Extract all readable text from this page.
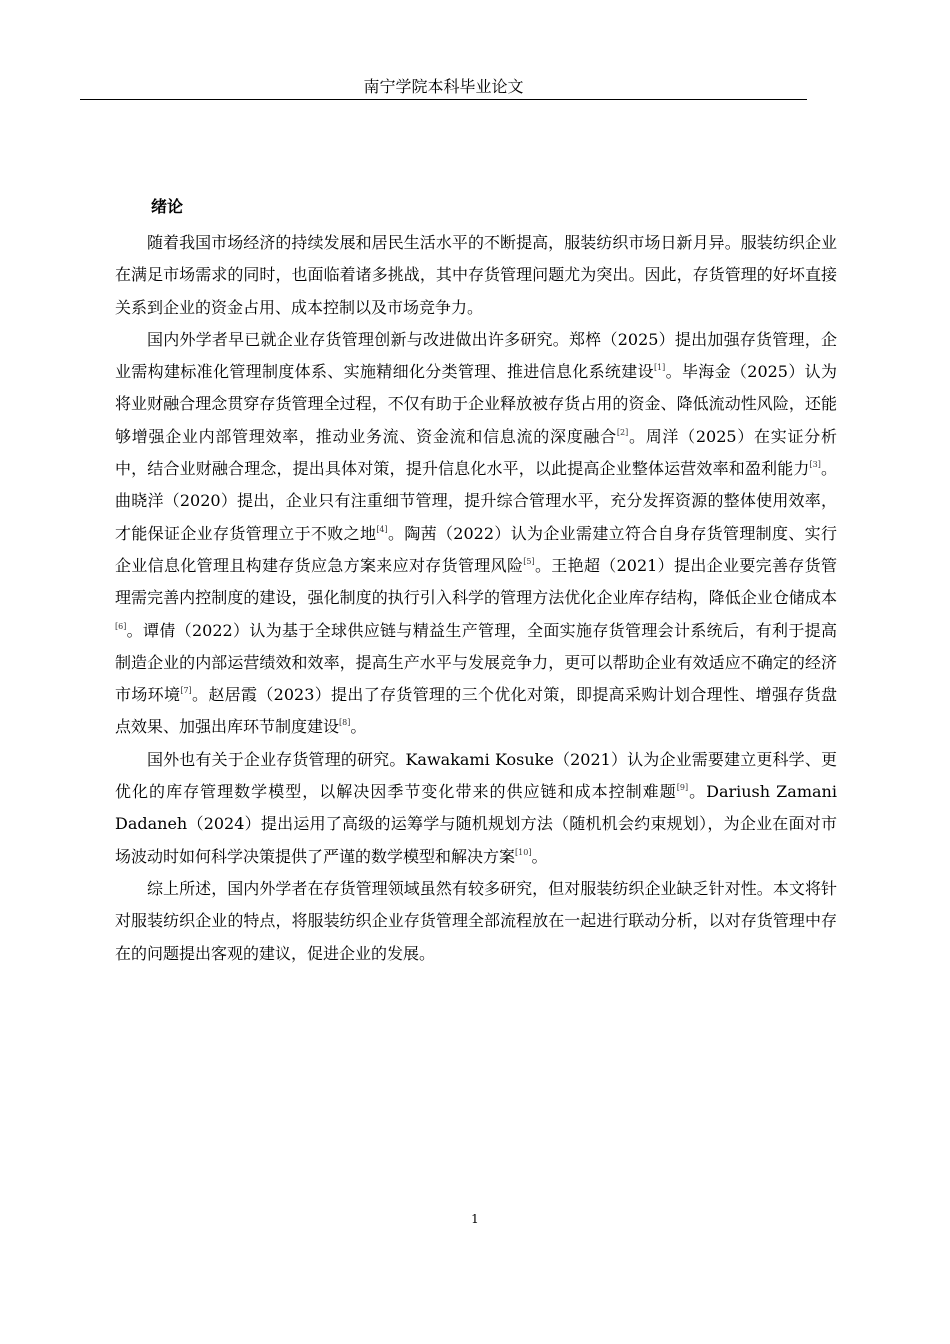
南宁学院本科毕业论文
绪论

随着我国市场经济的持续发展和居民生活水平的不断提高，服装纺织市场日新月异。服装纺织企业在满足市场需求的同时，也面临着诸多挑战，其中存货管理问题尤为突出。因此，存货管理的好坏直接关系到企业的资金占用、成本控制以及市场竞争力。

国内外学者早已就企业存货管理创新与改进做出许多研究。郑椊（2025）提出加强存货管理，企业需构建标准化管理制度体系、实施精细化分类管理、推进信息化系统建设[1]。毕海金（2025）认为将业财融合理念贯穿存货管理全过程，不仅有助于企业释放被存货占用的资金、降低流动性风险，还能够增强企业内部管理效率，推动业务流、资金流和信息流的深度融合[2]。周洋（2025）在实证分析中，结合业财融合理念，提出具体对策，提升信息化水平，以此提高企业整体运营效率和盈利能力[3]。曲晓洋（2020）提出，企业只有注重细节管理，提升综合管理水平，充分发挥资源的整体使用效率，才能保证企业存货管理立于不败之地[4]。陶茜（2022）认为企业需建立符合自身存货管理制度、实行企业信息化管理且构建存货应急方案来应对存货管理风险[5]。王艳超（2021）提出企业要完善存货管理需完善内控制度的建设，强化制度的执行引入科学的管理方法优化企业库存结构，降低企业仓储成本[6]。谭倩（2022）认为基于全球供应链与精益生产管理，全面实施存货管理会计系统后，有利于提高制造企业的内部运营绩效和效率，提高生产水平与发展竞争力，更可以帮助企业有效适应不确定的经济市场环境[7]。赵居霞（2023）提出了存货管理的三个优化对策，即提高采购计划合理性、增强存货盘点效果、加强出库环节制度建设[8]。

国外也有关于企业存货管理的研究。Kawakami Kosuke（2021）认为企业需要建立更科学、更优化的库存管理数学模型，以解决因季节变化带来的供应链和成本控制难题[9]。Dariush Zamani Dadaneh（2024）提出运用了高级的运筹学与随机规划方法（随机机会约束规划），为企业在面对市场波动时如何科学决策提供了严谨的数学模型和解决方案[10]。

综上所述，国内外学者在存货管理领域虽然有较多研究，但对服装纺织企业缺乏针对性。本文将针对服装纺织企业的特点，将服装纺织企业存货管理全部流程放在一起进行联动分析，以对存货管理中存在的问题提出客观的建议，促进企业的发展。

1
